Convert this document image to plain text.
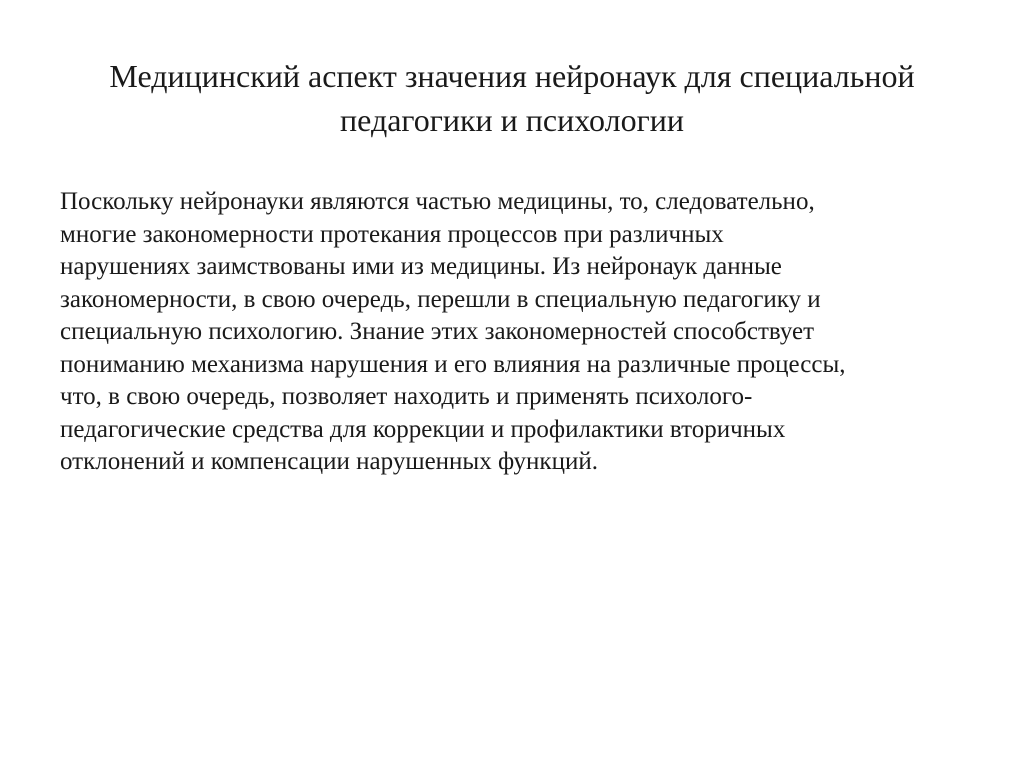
Медицинский аспект значения нейронаук для специальной
педагогики и психологии

Поскольку нейронауки являются частью медицины, то, следовательно,
многие закономерности протекания процессов при различных
нарушениях заимствованы ими из медицины. Из нейронаук данные
закономерности, в свою очередь, перешли в специальную педагогику и
специальную психологию. Знание этих закономерностей способствует
пониманию механизма нарушения и его влияния на различные процессы,
что, в свою очередь, позволяет находить и применять психолого-
педагогические средства для коррекции и профилактики вторичных
отклонений и компенсации нарушенных функций.
